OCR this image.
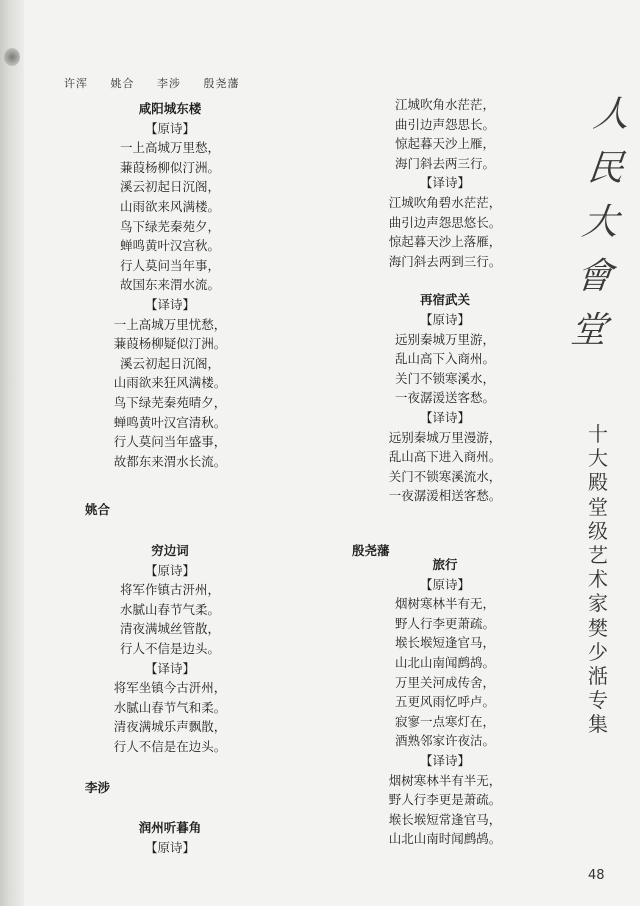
许浑 姚合 李涉 殷尧藩
咸阳城东楼
【原诗】
一上高城万里愁，
蒹葭杨柳似汀洲。
溪云初起日沉阁，
山雨欲来风满楼。
鸟下绿芜秦苑夕，
蝉鸣黄叶汉宫秋。
行人莫问当年事，
故国东来渭水流。
【译诗】
一上高城万里忧愁，
蒹葭杨柳疑似汀洲。
溪云初起日沉阁，
山雨欲来狂风满楼。
鸟下绿芜秦苑晴夕，
蝉鸣黄叶汉宫清秋。
行人莫问当年盛事，
故都东来渭水长流。
江城吹角水茫茫，
曲引边声怨思长。
惊起暮天沙上雁，
海门斜去两三行。
【译诗】
江城吹角碧水茫茫，
曲引边声怨思悠长。
惊起暮天沙上落雁，
海门斜去两到三行。
再宿武关
【原诗】
远别秦城万里游，
乱山高下入商州。
关门不锁寒溪水，
一夜潺湲送客愁。
【译诗】
远别秦城万里漫游，
乱山高下进入商州。
关门不锁寒溪流水，
一夜潺湲相送客愁。
姚合
穷边词
【原诗】
将军作镇古汧州，
水腻山春节气柔。
清夜满城丝管散，
行人不信是边头。
【译诗】
将军坐镇今古汧州，
水腻山春节气和柔。
清夜满城乐声飘散，
行人不信是在边头。
李涉
润州听暮角
【原诗】
殷尧藩
旅行
【原诗】
烟树寒林半有无，
野人行李更萧疏。
堠长堠短逢官马，
山北山南闻鹧鸪。
万里关河成传舍，
五更风雨忆呼卢。
寂寥一点寒灯在，
酒熟邻家许夜沽。
【译诗】
烟树寒林半有半无，
野人行李更是萧疏。
堠长堠短常逢官马，
山北山南时闻鹧鸪。
人
民
大
會
堂
十
大
殿
堂
级
艺
术
家
樊
少
湉
专
集
48
